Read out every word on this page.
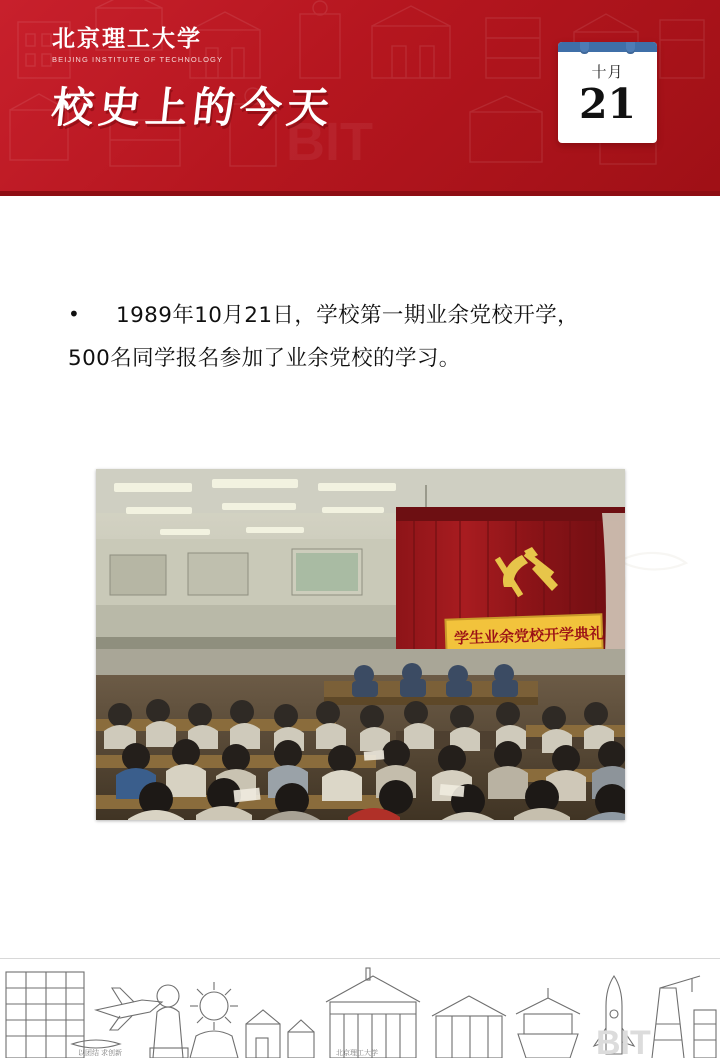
BIT
北京理工大学
BEIJING INSTITUTE OF TECHNOLOGY
校史上的今天
十月
21
• 1989年10月21日，学校第一期业余党校开学，
500名同学报名参加了业余党校的学习。
学生业余党校开学典礼
以团结 求创新	北京理工大学	BIT
